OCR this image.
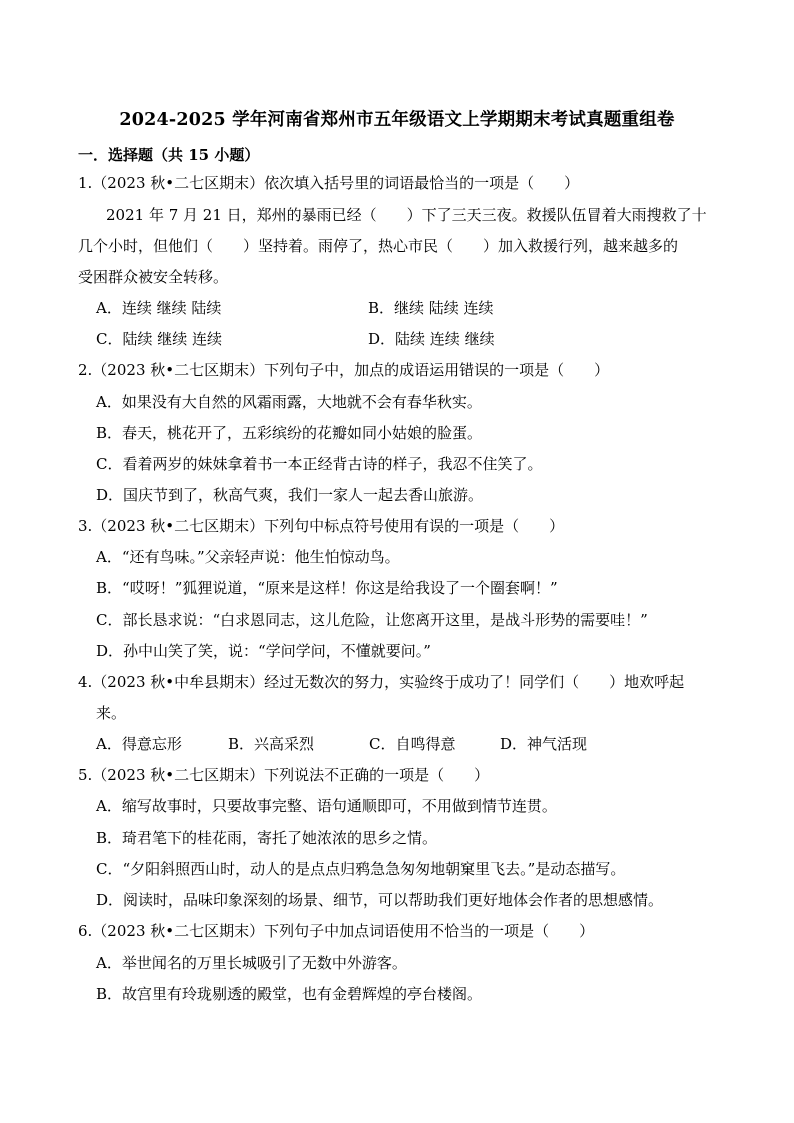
2024-2025 学年河南省郑州市五年级语文上学期期末考试真题重组卷
一．选择题（共 15 小题）
1.（2023 秋•二七区期末）依次填入括号里的词语最恰当的一项是（　　）
2021 年 7 月 21 日，郑州的暴雨已经（　　）下了三天三夜。救援队伍冒着大雨搜救了十
几个小时，但他们（　　）坚持着。雨停了，热心市民（　　）加入救援行列，越来越多的
受困群众被安全转移。
A．连续 继续 陆续	B．继续 陆续 连续
C．陆续 继续 连续	D．陆续 连续 继续
2.（2023 秋•二七区期末）下列句子中，加点的成语运用错误的一项是（　　）
A．如果没有大自然的风霜雨露，大地就不会有春华秋实。
B．春天，桃花开了，五彩缤纷的花瓣如同小姑娘的脸蛋。
C．看着两岁的妹妹拿着书一本正经背古诗的样子，我忍不住笑了。
D．国庆节到了，秋高气爽，我们一家人一起去香山旅游。
3.（2023 秋•二七区期末）下列句中标点符号使用有误的一项是（　　）
A．“还有鸟味。”父亲轻声说：他生怕惊动鸟。
B．“哎呀！”狐狸说道，“原来是这样！你这是给我设了一个圈套啊！”
C．部长恳求说：“白求恩同志，这儿危险，让您离开这里，是战斗形势的需要哇！”
D．孙中山笑了笑，说：“学问学问，不懂就要问。”
4.（2023 秋•中牟县期末）经过无数次的努力，实验终于成功了！同学们（　　）地欢呼起
来。
A．得意忘形	B．兴高采烈	C．自鸣得意	D．神气活现
5.（2023 秋•二七区期末）下列说法不正确的一项是（　　）
A．缩写故事时，只要故事完整、语句通顺即可，不用做到情节连贯。
B．琦君笔下的桂花雨，寄托了她浓浓的思乡之情。
C．“夕阳斜照西山时，动人的是点点归鸦急急匆匆地朝窠里飞去。”是动态描写。
D．阅读时，品味印象深刻的场景、细节，可以帮助我们更好地体会作者的思想感情。
6.（2023 秋•二七区期末）下列句子中加点词语使用不恰当的一项是（　　）
A．举世闻名的万里长城吸引了无数中外游客。
B．故宫里有玲珑剔透的殿堂，也有金碧辉煌的亭台楼阁。
